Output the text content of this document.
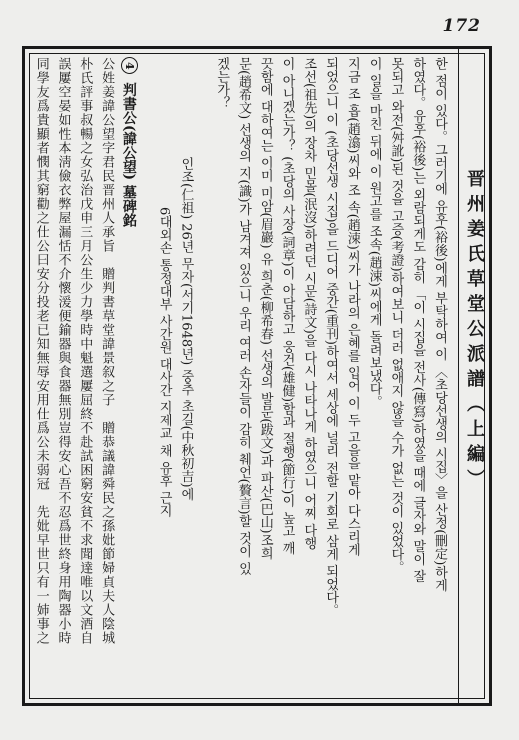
172
晋州姜氏草堂公派譜（上編）
한 점이 있다。그러기에 유후(裕後)에게 부탁하여 이 〈초당선생의 시집〉을 산정(刪定)하게
하였다。유후(裕後)는 외람되게도 감히 「이 시집을 전사(傳寫)하였을 때에 글자와 말이 잘
못되고 와전(舛訛)된 것을 고증(考證)하여보니 더러 없애지 않을 수가 없는 것이 있었다。
이 일을 마친 뒤에 이 원고를 조속(趙涑)씨에게 돌려보냈다。
지금 조 흡(趙潝)씨와 조 속(趙涑)씨가 나라의 은혜를 입어 이 두 고을을 맡아 다스리게
되었으니 이 (초당선생 시집)을 드디어 중간(重刊)하여서 세상에 널리 전할 기회로 삼게 되었다。
조선(祖先)의 장차 민몰(泯沒)하려던 시문(詩文)을 다시 나타나게 하였으니 어찌 다행
이 아니겠는가？ (초당의 사장(詞章)이 아담하고 웅건(雄健)함과 절행(節行)이 높고 깨
끗함에 대하여는 이미 미암(眉巖) 유 희춘(柳希春) 선생의 발문(跋文)과 파산(巴山)조희
문(趙希文) 선생의 지(識)가 남겨져 있으니 우리 여러 손자들이 감히 췌언(贅言)할 것이 있
겠는가？
인조(仁祖) 26년 무자(서기1648년) 중추 초길(中秋初吉)에
6대외손 통정대부 사간원 대사간 지제교 채 유후 근지
4 判書公(諱公望) 墓碑銘
公姓姜諱公望字君民晋州人承旨　贈判書草堂諱景叙之子　贈恭議諱舜民之孫妣節婦貞夫人陰城
朴氏評事叔暢之女弘治戊申三月公生少力學時中魁選屢屈終不赴試困窮安貧不求聞達唯以文酒自
誤屢空晏如性本淸儉衣弊屋漏恬不介懷湲便鍮器與食器無別豈得安心吾不忍爲世終身用陶器小時
同學友爲貴顯者憫其窮勸之仕公曰安分投老已知無辱安用仕爲公未弱冠　先妣早世只有一姉事之
